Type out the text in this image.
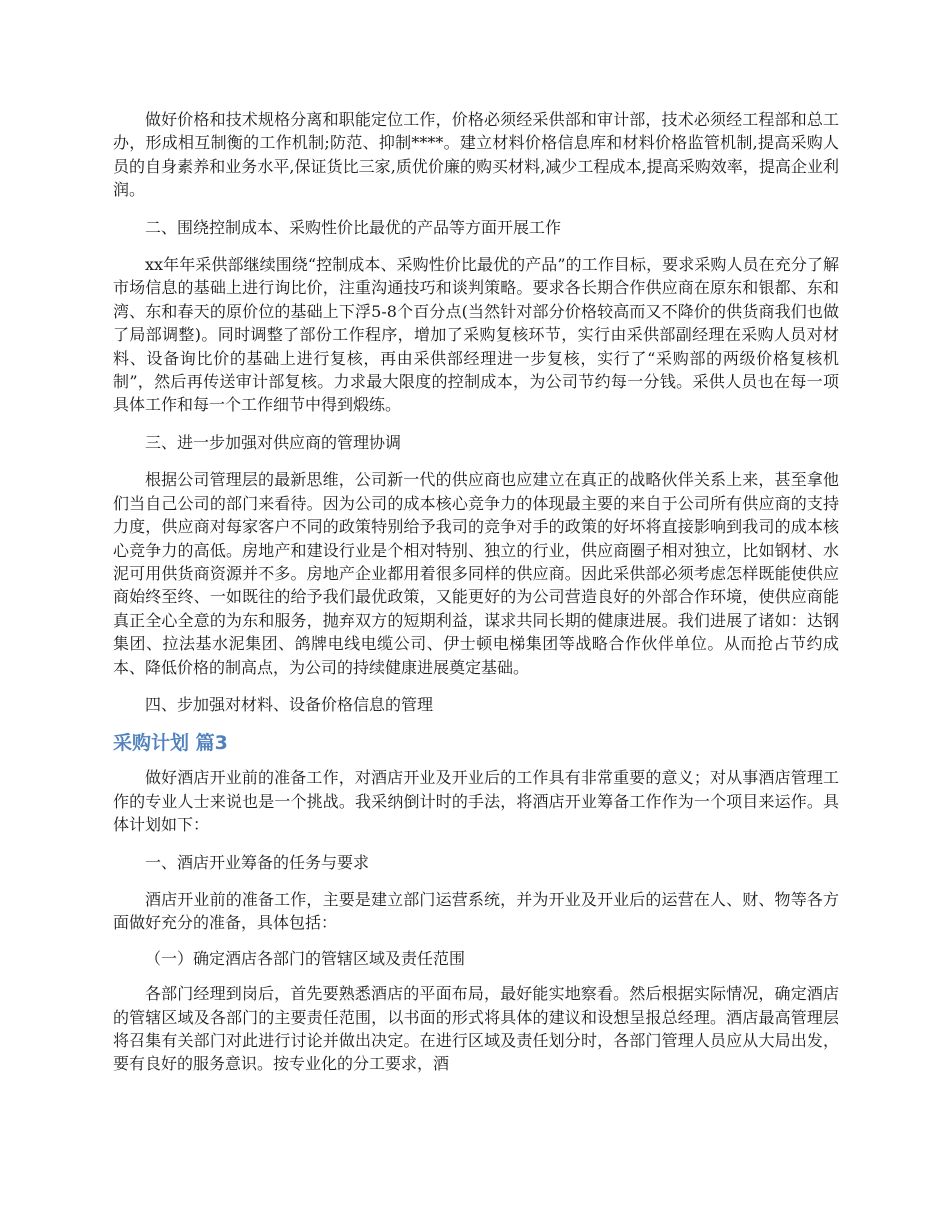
做好价格和技术规格分离和职能定位工作，价格必须经采供部和审计部，技术必须经工程部和总工办，形成相互制衡的工作机制;防范、抑制****。建立材料价格信息库和材料价格监管机制,提高采购人员的自身素养和业务水平,保证货比三家,质优价廉的购买材料,减少工程成本,提高采购效率，提高企业利润。

二、围绕控制成本、采购性价比最优的产品等方面开展工作

xx年年采供部继续围绕“控制成本、采购性价比最优的产品”的工作目标，要求采购人员在充分了解市场信息的基础上进行询比价，注重沟通技巧和谈判策略。要求各长期合作供应商在原东和银都、东和湾、东和春天的原价位的基础上下浮5-8个百分点(当然针对部分价格较高而又不降价的供货商我们也做了局部调整)。同时调整了部份工作程序，增加了采购复核环节，实行由采供部副经理在采购人员对材料、设备询比价的基础上进行复核，再由采供部经理进一步复核，实行了“采购部的两级价格复核机制”，然后再传送审计部复核。力求最大限度的控制成本，为公司节约每一分钱。采供人员也在每一项具体工作和每一个工作细节中得到煅练。

三、进一步加强对供应商的管理协调

根据公司管理层的最新思维，公司新一代的供应商也应建立在真正的战略伙伴关系上来，甚至拿他们当自己公司的部门来看待。因为公司的成本核心竞争力的体现最主要的来自于公司所有供应商的支持力度，供应商对每家客户不同的政策特别给予我司的竞争对手的政策的好坏将直接影响到我司的成本核心竞争力的高低。房地产和建设行业是个相对特别、独立的行业，供应商圈子相对独立，比如钢材、水泥可用供货商资源并不多。房地产企业都用着很多同样的供应商。因此采供部必须考虑怎样既能使供应商始终至终、一如既往的给予我们最优政策，又能更好的为公司营造良好的外部合作环境，使供应商能真正全心全意的为东和服务，抛弃双方的短期利益，谋求共同长期的健康进展。我们进展了诸如：达钢集团、拉法基水泥集团、鸽牌电线电缆公司、伊士顿电梯集团等战略合作伙伴单位。从而抢占节约成本、降低价格的制高点，为公司的持续健康进展奠定基础。

四、步加强对材料、设备价格信息的管理

采购计划 篇3

做好酒店开业前的准备工作，对酒店开业及开业后的工作具有非常重要的意义；对从事酒店管理工作的专业人士来说也是一个挑战。我采纳倒计时的手法，将酒店开业筹备工作作为一个项目来运作。具体计划如下：

一、酒店开业筹备的任务与要求

酒店开业前的准备工作，主要是建立部门运营系统，并为开业及开业后的运营在人、财、物等各方面做好充分的准备，具体包括：

（一）确定酒店各部门的管辖区域及责任范围

各部门经理到岗后，首先要熟悉酒店的平面布局，最好能实地察看。然后根据实际情况，确定酒店的管辖区域及各部门的主要责任范围，以书面的形式将具体的建议和设想呈报总经理。酒店最高管理层将召集有关部门对此进行讨论并做出决定。在进行区域及责任划分时，各部门管理人员应从大局出发，要有良好的服务意识。按专业化的分工要求，酒
